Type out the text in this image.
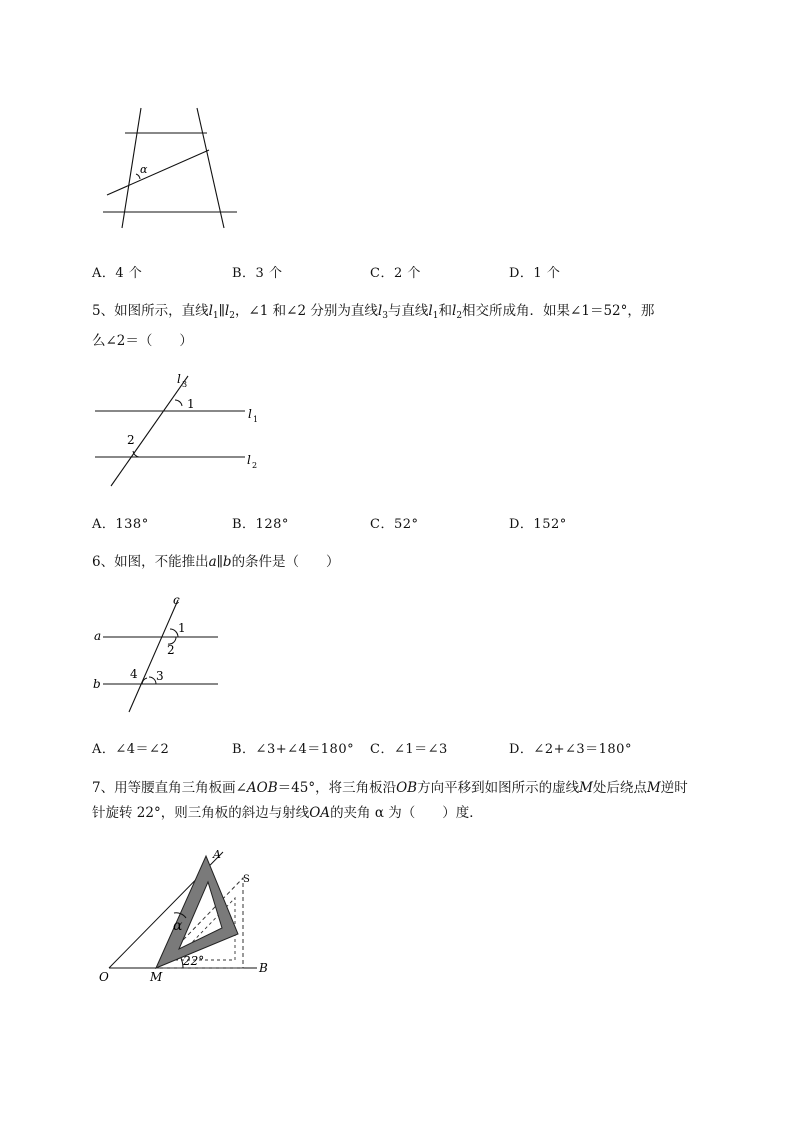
α
A．4 个	B．3 个	C．2 个	D．1 个
5、如图所示，直线$l_1\parallel l_2$，∠1 和∠2 分别为直线$l_3$与直线$l_1$和$l_2$相交所成角．如果∠1＝52°，那
么∠2＝（　　）
l 3
1
l 1
2
l 2
A．138°	B．128°	C．52°	D．152°
6、如图，不能推出a∥b的条件是（　　）
c
a
b
1
2
3
4
A．∠4＝∠2	B．∠3+∠4＝180° C．∠1＝∠3	D．∠2+∠3＝180°
7、用等腰直角三角板画∠AOB＝45°，将三角板沿OB方向平移到如图所示的虚线M处后绕点M逆时
针旋转 22°，则三角板的斜边与射线OA的夹角 α 为（　　）度．
A
S
α
22°
O	M
B
